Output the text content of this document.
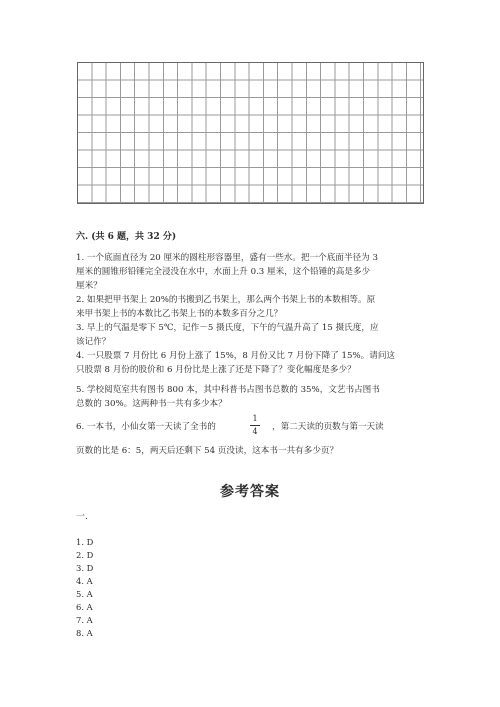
六. (共 6 题，共 32 分)
1. 一个底面直径为 20 厘米的圆柱形容器里，盛有一些水。把一个底面半径为 3
厘米的圆锥形铅锤完全浸没在水中，水面上升 0.3 厘米，这个铅锤的高是多少
厘米？
2. 如果把甲书架上 20%的书搬到乙书架上，那么两个书架上书的本数相等。原
来甲书架上书的本数比乙书架上书的本数多百分之几？
3. 早上的气温是零下 5℃，记作－5 摄氏度，下午的气温升高了 15 摄氏度，应
该记作？
4. 一只股票 7 月份比 6 月份上涨了 15%，8 月份又比 7 月份下降了 15%。请问这
只股票 8 月份的股价和 6 月份比是上涨了还是下降了？变化幅度是多少？
5. 学校阅览室共有图书 800 本，其中科普书占图书总数的 35%，文艺书占图书
总数的 30%。这两种书一共有多少本？
6. 一本书，小仙女第一天读了全书的
1
4	，第二天读的页数与第一天读
页数的比是 6：5，两天后还剩下 54 页没读，这本书一共有多少页？
参考答案
一.
1. D
2. D
3. D
4. A
5. A
6. A
7. A
8. A
